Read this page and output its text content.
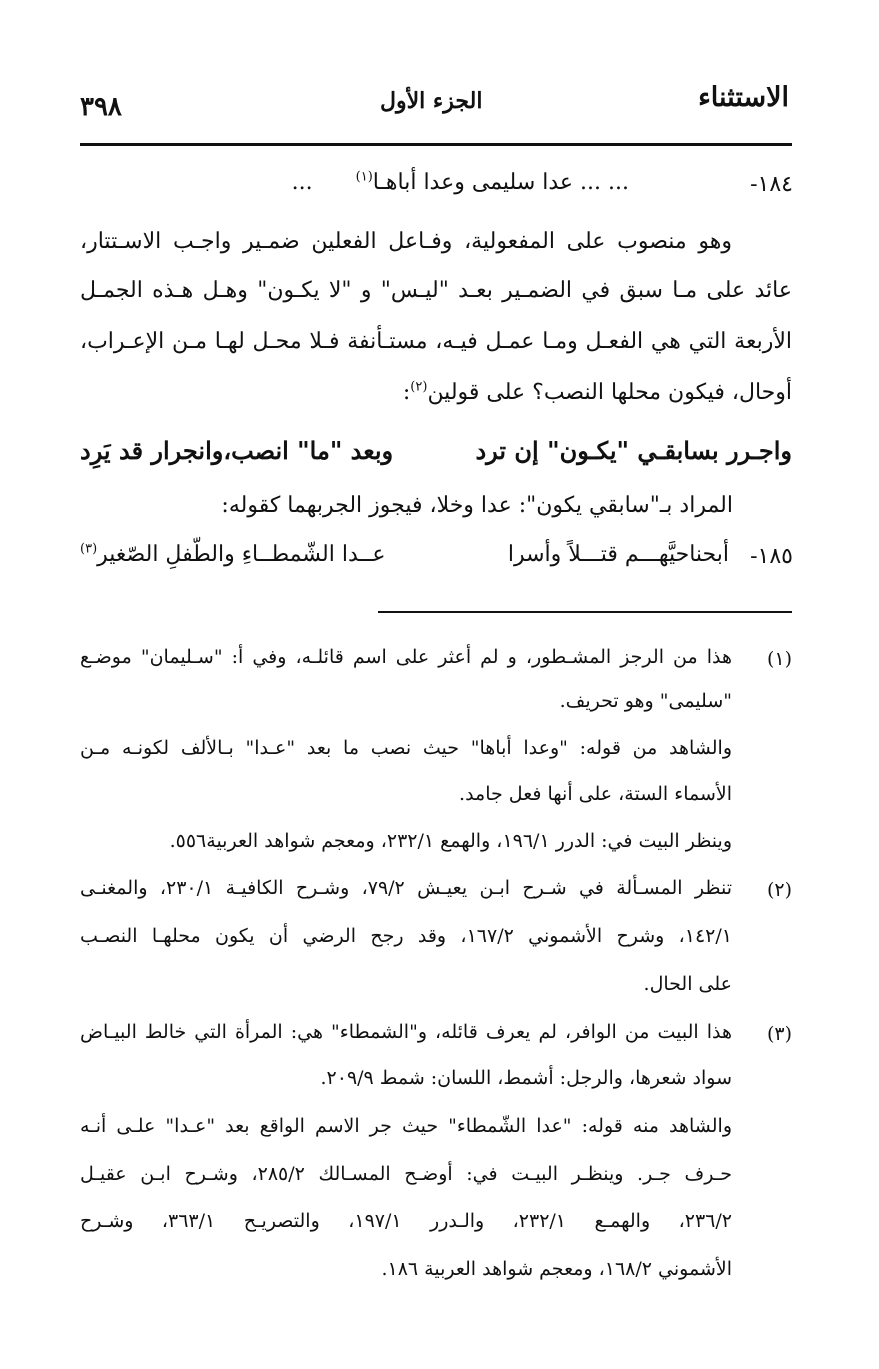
الاستثناء
الجزء الأول
٣٩٨
١٨٤-
... ... عدا سليمى وعدا أباهـا$^{(١)}$ ...
وهو منصوب على المفعولية، وفـاعل الفعلين ضمـير واجـب الاسـتتار،
عائد على مـا سبق في الضمـير بعـد "ليـس" و "لا يكـون" وهـل هـذه الجمـل
الأربعة التي هي الفعـل ومـا عمـل فيـه، مستـأنفة فـلا محـل لهـا مـن الإعـراب،
أوحال، فيكون محلها النصب؟ على قولين$^{(٢)}$:
واجـرر بسابقـي "يكـون" إن ترد
وبعد "ما" انصب،وانجرار قد يَرِد
المراد بـ"سابقي يكون": عدا وخلا، فيجوز الجربهما كقوله:
١٨٥-
أبحناحيَّهـــم قتـــلاً وأسرا
عــدا الشّمطــاءِ والطّفلِ الصّغير$^{(٣)}$
(١)
هذا من الرجز المشـطور، و لم أعثر على اسم قائلـه، وفي أ: "سـليمان" موضـع
"سليمى" وهو تحريف.
والشاهد من قوله: "وعدا أباها" حيث نصب ما بعد "عـدا" بـالألف لكونـه مـن
الأسماء الستة، على أنها فعل جامد.
وينظر البيت في: الدرر ١٩٦/١، والهمع ٢٣٢/١، ومعجم شواهد العربية٥٥٦.
(٢)
تنظر المسـألة في شـرح ابـن يعيـش ٧٩/٢، وشـرح الكافيـة ٢٣٠/١، والمغنـى
١٤٢/١، وشرح الأشموني ١٦٧/٢، وقد رجح الرضي أن يكون محلهـا النصـب
على الحال.
(٣)
هذا البيت من الوافر، لم يعرف قائله، و"الشمطاء" هي: المرأة التي خالط البيـاض
سواد شعرها، والرجل: أشمط، اللسان: شمط ٢٠٩/٩.
والشاهد منه قوله: "عدا الشّمطاء" حيث جر الاسم الواقع بعد "عـدا" علـى أنـه
حـرف جـر. وينظـر البيـت في: أوضـح المسـالك ٢٨٥/٢، وشـرح ابـن عقيـل
٢٣٦/٢، والهمـع ٢٣٢/١، والـدرر ١٩٧/١، والتصريـح ٣٦٣/١، وشـرح
الأشموني ١٦٨/٢، ومعجم شواهد العربية ١٨٦.
